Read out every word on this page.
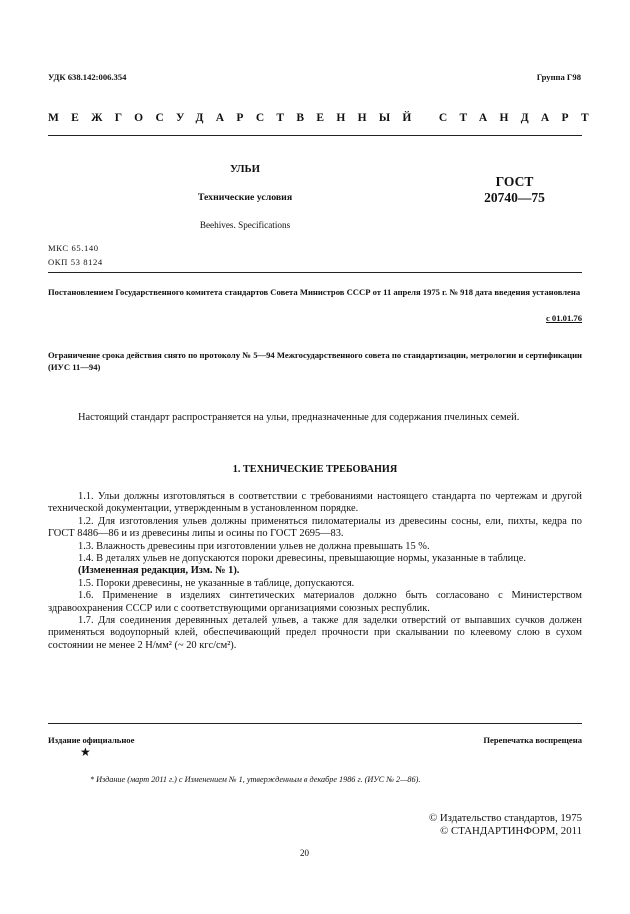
УДК 638.142:006.354	Группа Г98
МЕЖГОСУДАРСТВЕННЫЙ СТАНДАРТ
УЛЬИ
Технические условия
Beehives. Specifications
ГОСТ
20740—75
МКС 65.140
ОКП 53 8124
Постановлением Государственного комитета стандартов Совета Министров СССР от 11 апреля 1975 г. № 918 дата введения установлена
с 01.01.76
Ограничение срока действия снято по протоколу № 5—94 Межгосударственного совета по стандартизации, метрологии и сертификации (ИУС 11—94)
Настоящий стандарт распространяется на ульи, предназначенные для содержания пчелиных семей.
1. ТЕХНИЧЕСКИЕ ТРЕБОВАНИЯ
1.1. Ульи должны изготовляться в соответствии с требованиями настоящего стандарта по чертежам и другой технической документации, утвержденным в установленном порядке.
1.2. Для изготовления ульев должны применяться пиломатериалы из древесины сосны, ели, пихты, кедра по ГОСТ 8486—86 и из древесины липы и осины по ГОСТ 2695—83.
1.3. Влажность древесины при изготовлении ульев не должна превышать 15 %.
1.4. В деталях ульев не допускаются пороки древесины, превышающие нормы, указанные в таблице.
(Измененная редакция, Изм. № 1).
1.5. Пороки древесины, не указанные в таблице, допускаются.
1.6. Применение в изделиях синтетических материалов должно быть согласовано с Министерством здравоохранения СССР или с соответствующими организациями союзных республик.
1.7. Для соединения деревянных деталей ульев, а также для заделки отверстий от выпавших сучков должен применяться водоупорный клей, обеспечивающий предел прочности при скалывании по клеевому слою в сухом состоянии не менее 2 Н/мм² (~ 20 кгс/см²).
Издание официальное	Перепечатка воспрещена
★
* Издание (март 2011 г.) с Изменением № 1, утвержденным в декабре 1986 г. (ИУС № 2—86).
© Издательство стандартов, 1975
© СТАНДАРТИНФОРМ, 2011
20
